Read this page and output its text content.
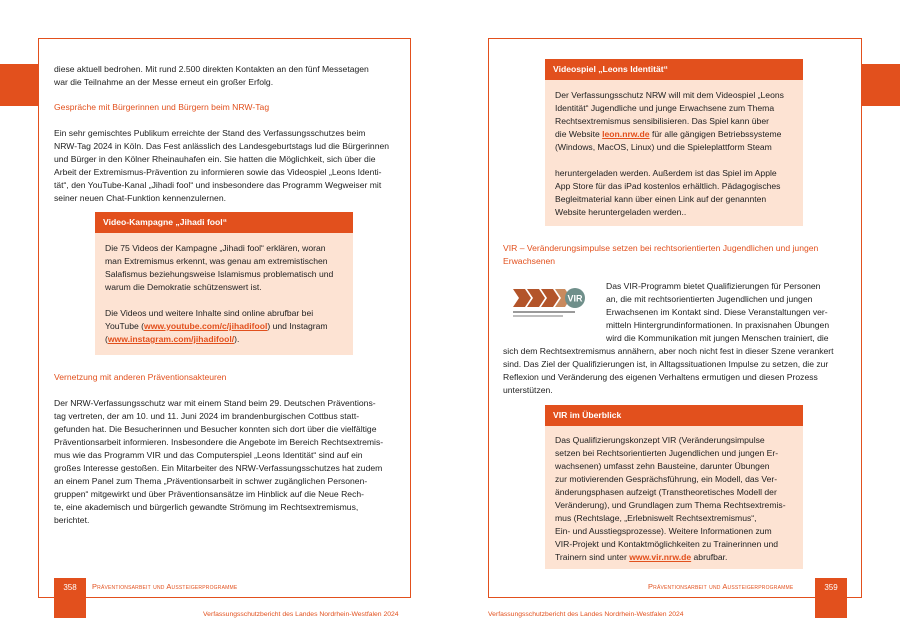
diese aktuell bedrohen. Mit rund 2.500 direkten Kontakten an den fünf Messetagen
war die Teilnahme an der Messe erneut ein großer Erfolg.
Gespräche mit Bürgerinnen und Bürgern beim NRW-Tag
Ein sehr gemischtes Publikum erreichte der Stand des Verfassungsschutzes beim
NRW-Tag 2024 in Köln. Das Fest anlässlich des Landesgeburtstags lud die Bürgerinnen
und Bürger in den Kölner Rheinauhafen ein. Sie hatten die Möglichkeit, sich über die
Arbeit der Extremismus-Prävention zu informieren sowie das Videospiel „Leons Identi-
tät“, den YouTube-Kanal „Jihadi fool“ und insbesondere das Programm Wegweiser mit
seiner neuen Chat-Funktion kennenzulernen.
Video-Kampagne „Jihadi fool“
Die 75 Videos der Kampagne „Jihadi fool“ erklären, woran
man Extremismus erkennt, was genau am extremistischen
Salafismus beziehungsweise Islamismus problematisch und
warum die Demokratie schützenswert ist.
Die Videos und weitere Inhalte sind online abrufbar bei
YouTube (www.youtube.com/c/jihadifool) und Instagram
(www.instagram.com/jihadifool/).
Vernetzung mit anderen Präventionsakteuren
Der NRW-Verfassungsschutz war mit einem Stand beim 29. Deutschen Präventions-
tag vertreten, der am 10. und 11. Juni 2024 im brandenburgischen Cottbus statt-
gefunden hat. Die Besucherinnen und Besucher konnten sich dort über die vielfältige
Präventionsarbeit informieren. Insbesondere die Angebote im Bereich Rechtsextremis-
mus wie das Programm VIR und das Computerspiel „Leons Identität“ sind auf ein
großes Interesse gestoßen. Ein Mitarbeiter des NRW-Verfassungsschutzes hat zudem
an einem Panel zum Thema „Präventionsarbeit in schwer zugänglichen Personen-
gruppen“ mitgewirkt und über Präventionsansätze im Hinblick auf die Neue Rech-
te, eine akademisch und bürgerlich gewandte Strömung im Rechtsextremismus,
berichtet.
358	Präventionsarbeit und Aussteigerprogramme
Verfassungsschutzbericht des Landes Nordrhein-Westfalen 2024
Videospiel „Leons Identität“
Der Verfassungsschutz NRW will mit dem Videospiel „Leons
Identität“ Jugendliche und junge Erwachsene zum Thema
Rechtsextremismus sensibilisieren. Das Spiel kann über
die Website leon.nrw.de für alle gängigen Betriebssysteme
(Windows, MacOS, Linux) und die Spieleplattform Steam
heruntergeladen werden. Außerdem ist das Spiel im Apple
App Store für das iPad kostenlos erhältlich. Pädagogisches
Begleitmaterial kann über einen Link auf der genannten
Website heruntergeladen werden..
VIR – Veränderungsimpulse setzen bei rechtsorientierten Jugendlichen und jungen
Erwachsenen
VIR
Das VIR-Programm bietet Qualifizierungen für Personen
an, die mit rechtsorientierten Jugendlichen und jungen
Erwachsenen im Kontakt sind. Diese Veranstaltungen ver-
mitteln Hintergrundinformationen. In praxisnahen Übungen
wird die Kommunikation mit jungen Menschen trainiert, die
sich dem Rechtsextremismus annähern, aber noch nicht fest in dieser Szene verankert
sind. Das Ziel der Qualifizierungen ist, in Alltagssituationen Impulse zu setzen, die zur
Reflexion und Veränderung des eigenen Verhaltens ermutigen und diesen Prozess
unterstützen.
VIR im Überblick
Das Qualifizierungskonzept VIR (Veränderungsimpulse
setzen bei Rechtsorientierten Jugendlichen und jungen Er-
wachsenen) umfasst zehn Bausteine, darunter Übungen
zur motivierenden Gesprächsführung, ein Modell, das Ver-
änderungsphasen aufzeigt (Transtheoretisches Modell der
Veränderung), und Grundlagen zum Thema Rechtsextremis-
mus (Rechtslage, „Erlebniswelt Rechtsextremismus“,
Ein- und Ausstiegsprozesse). Weitere Informationen zum
VIR-Projekt und Kontaktmöglichkeiten zu Trainerinnen und
Trainern sind unter www.vir.nrw.de abrufbar.
359
Präventionsarbeit und Aussteigerprogramme
Verfassungsschutzbericht des Landes Nordrhein-Westfalen 2024
